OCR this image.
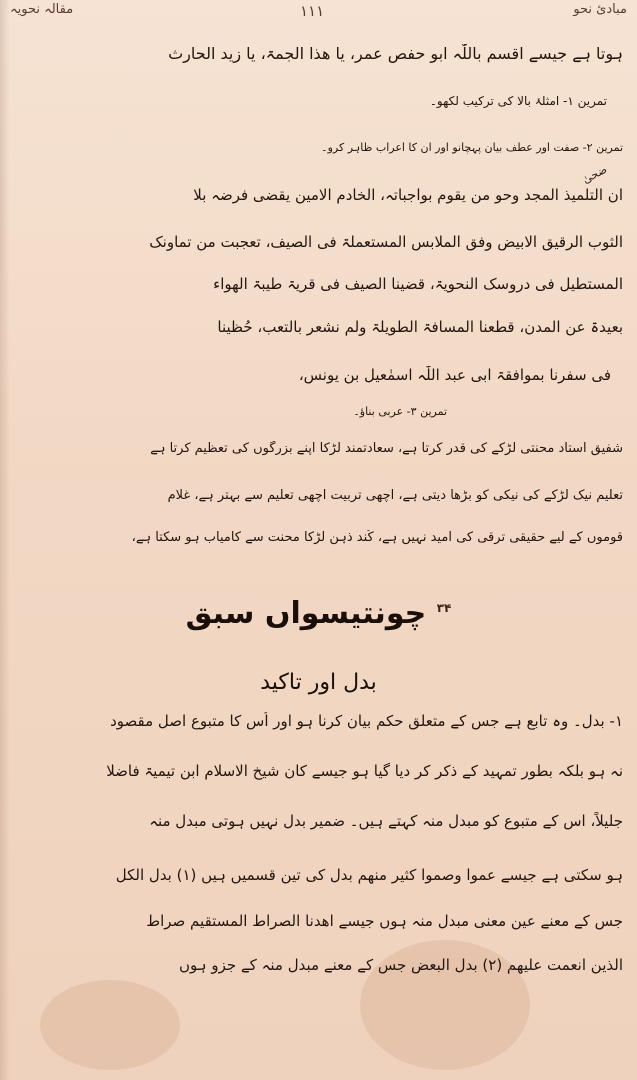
مبادیٔ نحو
١١١
مقالہ نحویہ
ہوتا ہے جیسے اقسم باللّٰہ ابو حفص عمر، یا ھذا الجمۃ، یا زید الحارث
تمرین ۱- امثلۂ بالا کی ترکیب لکھو۔
تمرین ۲- صفت اور عطف بیان پہچانو اور ان کا اعراب ظاہر کرو۔
ضحیٰ
ان التلمیذ المجد وحو من یقوم بواجباتہ، الخادم الامین یقضی فرضہ بلا
الثوب الرقیق الابیض وفق الملابس المستعملۃ فی الصیف، تعجبت من تماونک
المستطیل فی دروسک النحویۃ، قضینا الصیف فی قریۃ طیبۃ الھواء
بعیدۃ عن المدن، قطعنا المسافۃ الطویلۃ ولم نشعر بالتعب، حُظینا
فی سفرنا بموافقۃ ابی عبد اللّٰہ اسمٰعیل بن یونس،
تمرین ۳- عربی بناؤ۔
شفیق اُستاد محنتی لڑکے کی قدر کرتا ہے، سعادتمند لڑکا اپنے بزرگوں کی تعظیم کرتا ہے
تعلیم نیک لڑکے کی نیکی کو بڑھا دیتی ہے، اچھی تربیت اچھی تعلیم سے بہتر ہے، غلام
قوموں کے لیے حقیقی ترقی کی اُمید نہیں ہے، کُند ذہن لڑکا محنت سے کامیاب ہو سکتا ہے،
$^{۳۴}$ چونتیسواں سبق
بدل اور تاکید
۱- بدل۔ وہ تابع ہے جس کے متعلق حکم بیان کرنا ہو اور اُس کا متبوع اصل مقصود
نہ ہو بلکہ بطور تمہید کے ذکر کر دیا گیا ہو جیسے کان شیخ الاسلام ابن تیمیۃ فاضلا
جلیلاً، اس کے متبوع کو مبدل منہ کہتے ہیں۔ ضمیر بدل نہیں ہوتی مبدل منہ
ہو سکتی ہے جیسے عموا وصموا کثیر منھم بدل کی تین قسمیں ہیں (۱) بدل الکل
جس کے معنے عین معنی مبدل منہ ہوں جیسے اھدنا الصراط المستقیم صراط
الذین انعمت علیھم (۲) بدل البعض جس کے معنے مبدل منہ کے جزو ہوں
